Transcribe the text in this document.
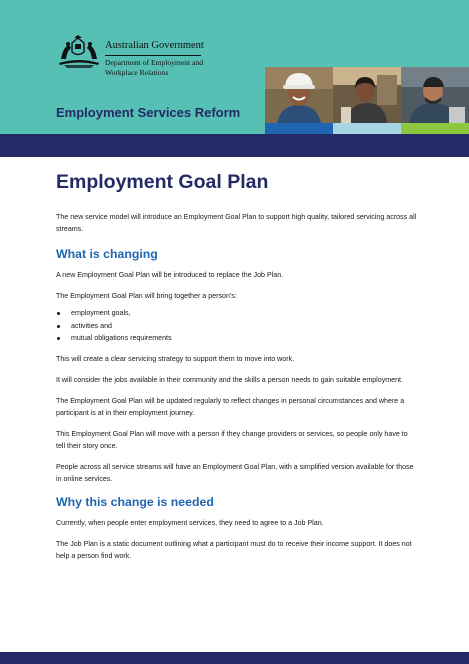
Australian Government
Department of Employment and Workplace Relations
Employment Services Reform
Employment Goal Plan

The new service model will introduce an Employment Goal Plan to support high quality, tailored servicing across all streams.

What is changing

A new Employment Goal Plan will be introduced to replace the Job Plan.

The Employment Goal Plan will bring together a person's:

employment goals,
activities and
mutual obligations requirements

This will create a clear servicing strategy to support them to move into work.

It will consider the jobs available in their community and the skills a person needs to gain suitable employment.

The Employment Goal Plan will be updated regularly to reflect changes in personal circumstances and where a participant is at in their employment journey.

This Employment Goal Plan will move with a person if they change providers or services, so people only have to tell their story once.

People across all service streams will have an Employment Goal Plan, with a simplified version available for those in online services.

Why this change is needed

Currently, when people enter employment services, they need to agree to a Job Plan.

The Job Plan is a static document outlining what a participant must do to receive their income support. It does not help a person find work.
